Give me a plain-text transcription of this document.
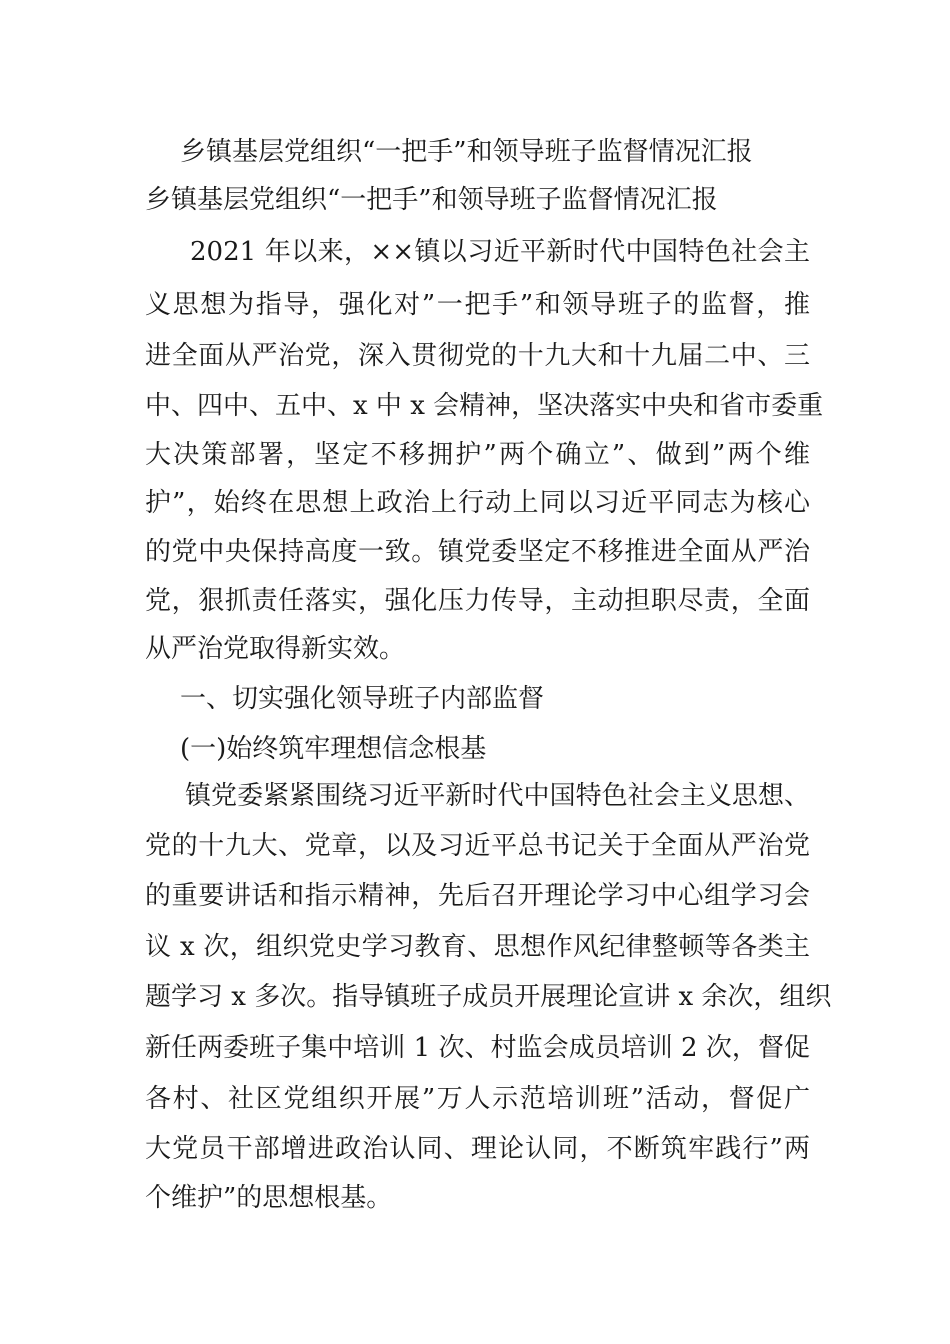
乡镇基层党组织“一把手”和领导班子监督情况汇报
乡镇基层党组织“一把手”和领导班子监督情况汇报
2021 年以来，××镇以习近平新时代中国特色社会主
义思想为指导，强化对”一把手”和领导班子的监督，推
进全面从严治党，深入贯彻党的十九大和十九届二中、三
中、四中、五中、x 中 x 会精神，坚决落实中央和省市委重
大决策部署，坚定不移拥护”两个确立”、做到”两个维
护”，始终在思想上政治上行动上同以习近平同志为核心
的党中央保持高度一致。镇党委坚定不移推进全面从严治
党，狠抓责任落实，强化压力传导，主动担职尽责，全面
从严治党取得新实效。
一、切实强化领导班子内部监督
(一)始终筑牢理想信念根基
镇党委紧紧围绕习近平新时代中国特色社会主义思想、
党的十九大、党章，以及习近平总书记关于全面从严治党
的重要讲话和指示精神，先后召开理论学习中心组学习会
议 x 次，组织党史学习教育、思想作风纪律整顿等各类主
题学习 x 多次。指导镇班子成员开展理论宣讲 x 余次，组织
新任两委班子集中培训 1 次、村监会成员培训 2 次，督促
各村、社区党组织开展”万人示范培训班”活动，督促广
大党员干部增进政治认同、理论认同，不断筑牢践行”两
个维护”的思想根基。
